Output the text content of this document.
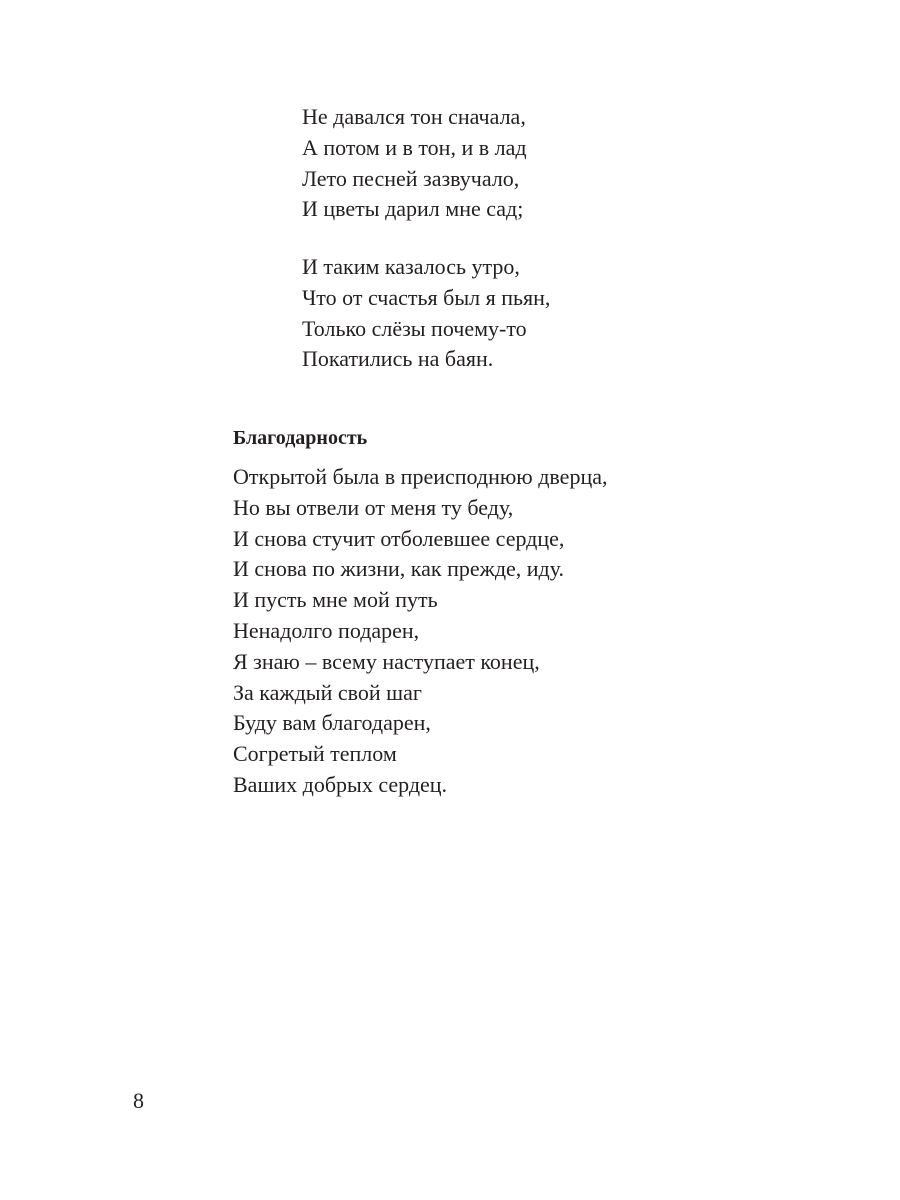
Не давался тон сначала,
А потом и в тон, и в лад
Лето песней зазвучало,
И цветы дарил мне сад;
И таким казалось утро,
Что от счастья был я пьян,
Только слёзы почему-то
Покатились на баян.
Благодарность
Открытой была в преисподнюю дверца,
Но вы отвели от меня ту беду,
И снова стучит отболевшее сердце,
И снова по жизни, как прежде, иду.
И пусть мне мой путь
Ненадолго подарен,
Я знаю – всему наступает конец,
За каждый свой шаг
Буду вам благодарен,
Согретый теплом
Ваших добрых сердец.
8
